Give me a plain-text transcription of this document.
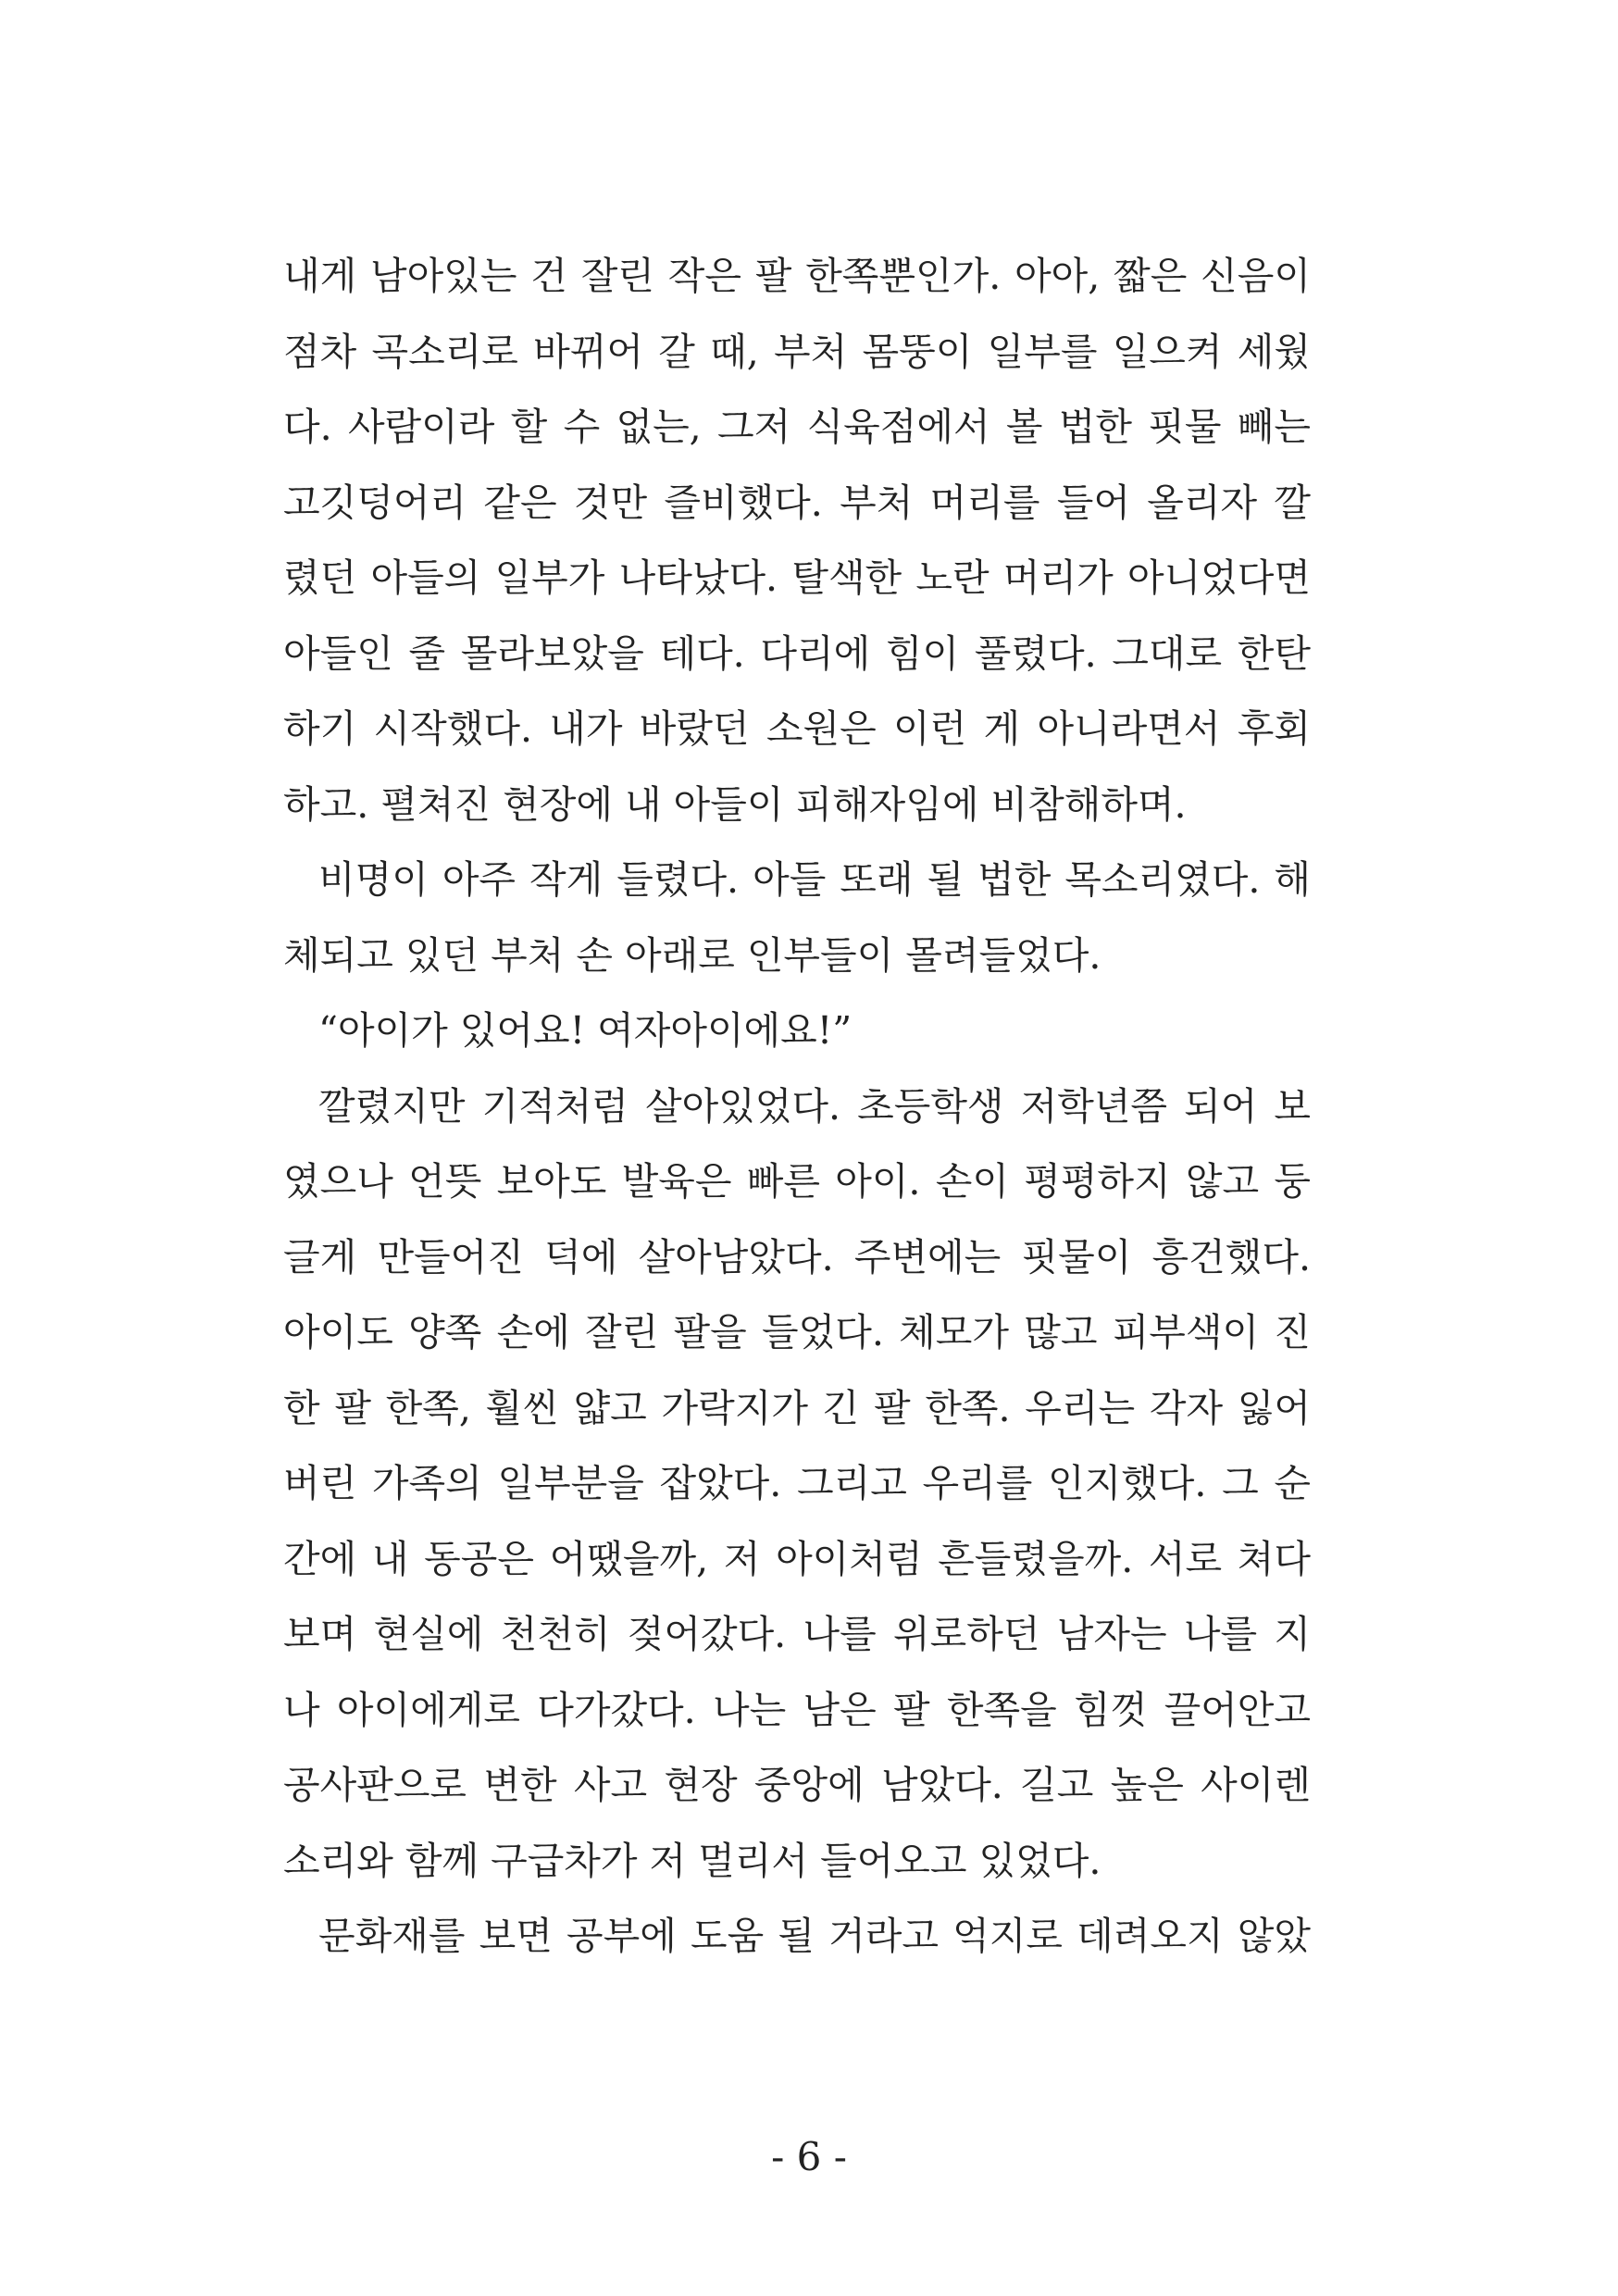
내게 남아있는 건 잘린 작은 팔 한쪽뿐인가. 아아, 짧은 신음이
점차 곡소리로 바뀌어 갈 때, 부처 몸뚱이 일부를 일으켜 세웠
다. 사람이라 할 수 없는, 그저 식육점에서 볼 법한 핏물 빼는
고깃덩어리 같은 것만 즐비했다. 부처 머리를 들어 올리자 깔
렸던 아들의 일부가 나타났다. 탈색한 노란 머리가 아니었다면
아들인 줄 몰라보았을 테다. 다리에 힘이 풀렸다. 그대로 한탄
하기 시작했다. 내가 바랐던 소원은 이런 게 아니라면서 후회
하고. 펼쳐진 현장에 내 아들이 피해자임에 비참해하며.
비명이 아주 작게 들렸다. 아들 또래 될 법한 목소리였다. 해
체되고 있던 부처 손 아래로 인부들이 몰려들었다.
“아이가 있어요! 여자아이에요!”
깔렸지만 기적처럼 살아있었다. 초등학생 저학년쯤 되어 보
였으나 언뜻 보아도 발육은 빠른 아이. 손이 평평하지 않고 둥
글게 만들어진 덕에 살아남았다. 주변에는 핏물이 흥건했다.
아이도 양쪽 손에 잘린 팔을 들었다. 체모가 많고 피부색이 진
한 팔 한쪽, 훨씬 얇고 가락지가 긴 팔 한쪽. 우리는 각자 잃어
버린 가족의 일부분을 잡았다. 그리고 우리를 인지했다. 그 순
간에 내 동공은 어땠을까, 저 아이처럼 흔들렸을까. 서로 쳐다
보며 현실에 천천히 젖어갔다. 나를 위로하던 남자는 나를 지
나 아이에게로 다가갔다. 나는 남은 팔 한쪽을 힘껏 끌어안고
공사판으로 변한 사고 현장 중앙에 남았다. 길고 높은 사이렌
소리와 함께 구급차가 저 멀리서 들어오고 있었다.
문화재를 보면 공부에 도움 될 거라고 억지로 데려오지 않았
- 6 -
